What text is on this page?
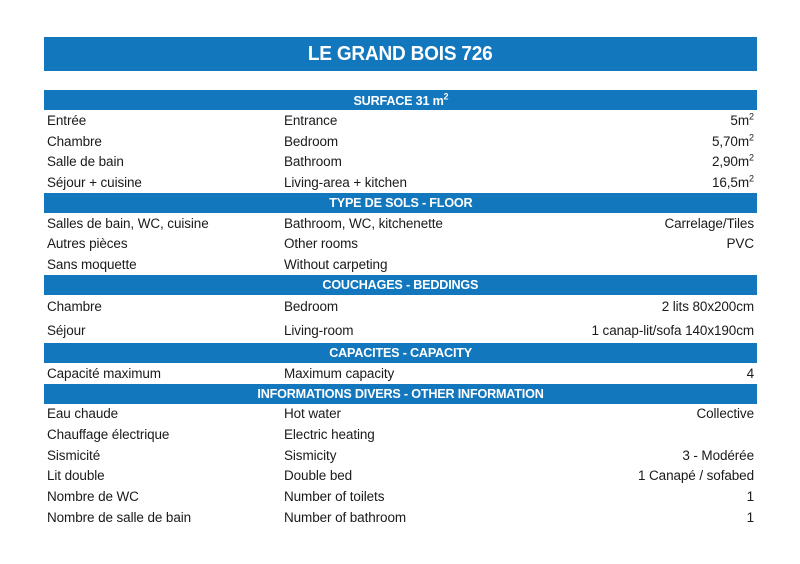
LE GRAND BOIS 726
SURFACE 31 $m^2$
Entrée	Entrance	$5m^2$
Chambre	Bedroom	$5,70m^2$
Salle de bain	Bathroom	$2,90m^2$
Séjour + cuisine	Living-area + kitchen	$16,5m^2$
TYPE DE SOLS - FLOOR
Salles de bain, WC, cuisine	Bathroom, WC, kitchenette	Carrelage/Tiles
Autres pièces	Other rooms	PVC
Sans moquette	Without carpeting
COUCHAGES - BEDDINGS
Chambre	Bedroom	2 lits 80x200cm
Séjour	Living-room	1 canap-lit/sofa 140x190cm
CAPACITES - CAPACITY
Capacité maximum	Maximum capacity	4
INFORMATIONS DIVERS - OTHER INFORMATION
Eau chaude	Hot water	Collective
Chauffage électrique	Electric heating
Sismicité	Sismicity	3 - Modérée
Lit double	Double bed	1 Canapé / sofabed
Nombre de WC	Number of toilets	1
Nombre de salle de bain	Number of bathroom	1
